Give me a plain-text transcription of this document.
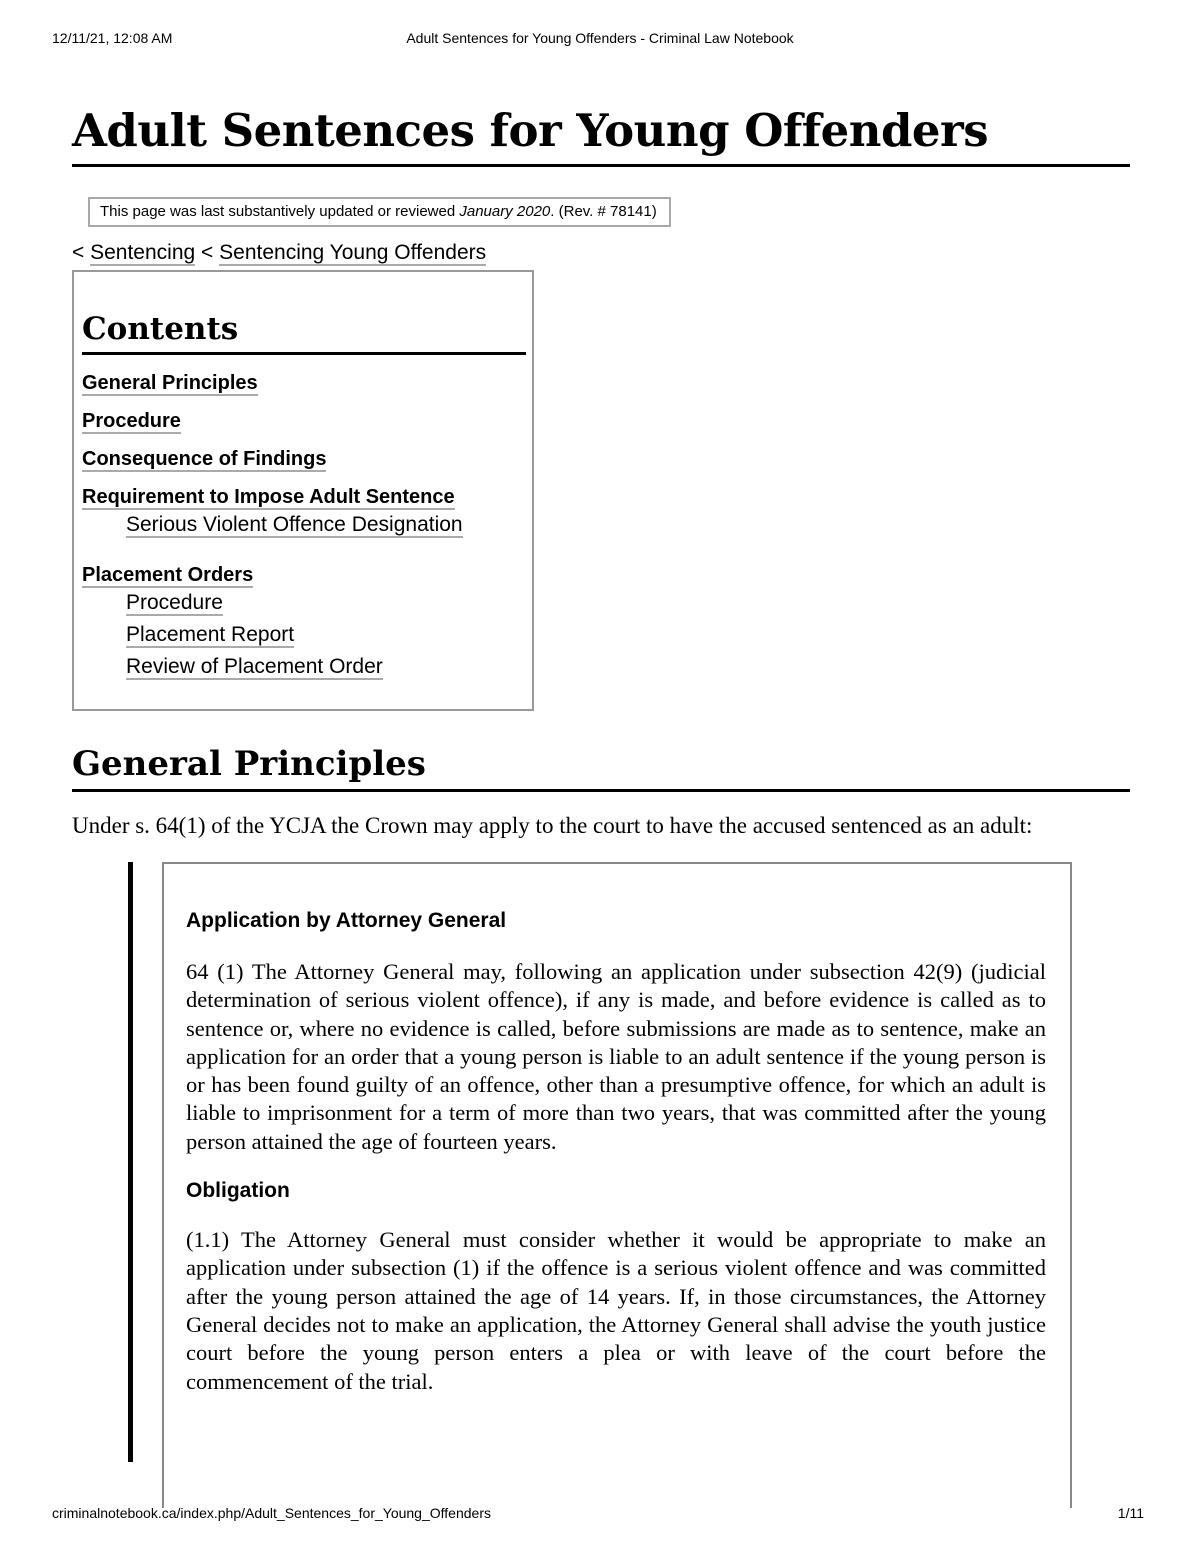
12/11/21, 12:08 AM	Adult Sentences for Young Offenders - Criminal Law Notebook
Adult Sentences for Young Offenders
This page was last substantively updated or reviewed January 2020. (Rev. # 78141)
< Sentencing < Sentencing Young Offenders
Contents
General Principles
Procedure
Consequence of Findings
Requirement to Impose Adult Sentence
Serious Violent Offence Designation
Placement Orders
Procedure
Placement Report
Review of Placement Order
General Principles

Under s. 64(1) of the YCJA the Crown may apply to the court to have the accused sentenced as an adult:

Application by Attorney General

64 (1) The Attorney General may, following an application under subsection 42(9) (judicial determination of serious violent offence), if any is made, and before evidence is called as to sentence or, where no evidence is called, before submissions are made as to sentence, make an application for an order that a young person is liable to an adult sentence if the young person is or has been found guilty of an offence, other than a presumptive offence, for which an adult is liable to imprisonment for a term of more than two years, that was committed after the young person attained the age of fourteen years.

Obligation

(1.1) The Attorney General must consider whether it would be appropriate to make an application under subsection (1) if the offence is a serious violent offence and was committed after the young person attained the age of 14 years. If, in those circumstances, the Attorney General decides not to make an application, the Attorney General shall advise the youth justice court before the young person enters a plea or with leave of the court before the commencement of the trial.

criminalnotebook.ca/index.php/Adult_Sentences_for_Young_Offenders	1/11
